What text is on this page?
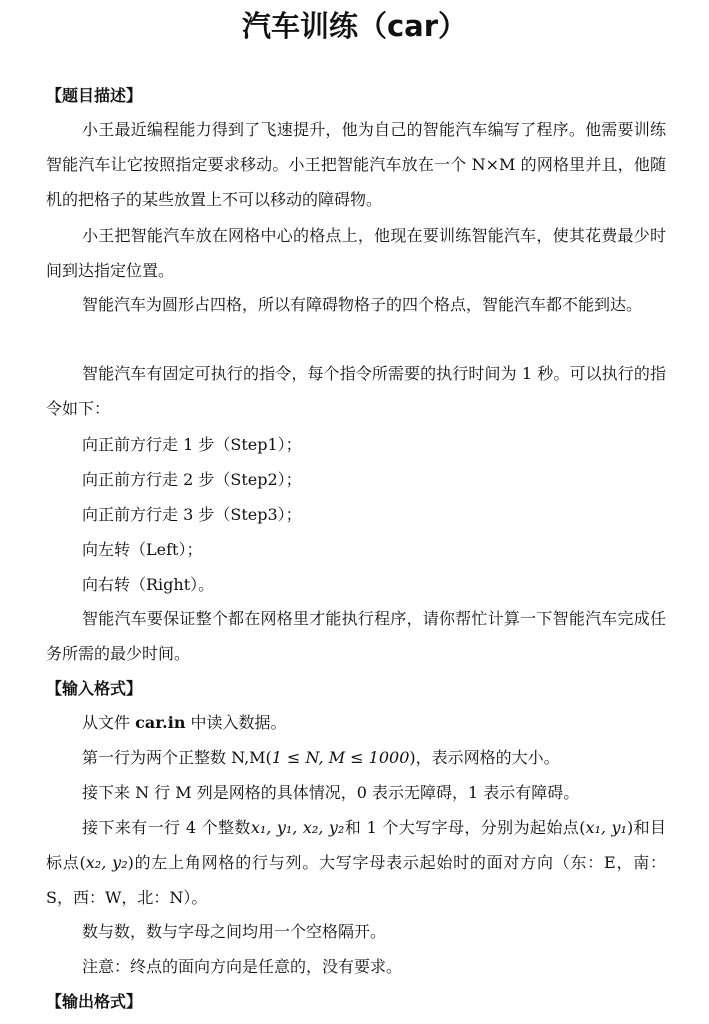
汽车训练（car）
【题目描述】

小王最近编程能力得到了飞速提升，他为自己的智能汽车编写了程序。他需要训练智能汽车让它按照指定要求移动。小王把智能汽车放在一个 N×M 的网格里并且，他随机的把格子的某些放置上不可以移动的障碍物。

小王把智能汽车放在网格中心的格点上，他现在要训练智能汽车，使其花费最少时间到达指定位置。

智能汽车为圆形占四格，所以有障碍物格子的四个格点，智能汽车都不能到达。

智能汽车有固定可执行的指令，每个指令所需要的执行时间为 1 秒。可以执行的指令如下：

向正前方行走 1 步（Step1）；
向正前方行走 2 步（Step2）；
向正前方行走 3 步（Step3）；
向左转（Left）；
向右转（Right）。

智能汽车要保证整个都在网格里才能执行程序，请你帮忙计算一下智能汽车完成任务所需的最少时间。

【输入格式】

从文件 car.in 中读入数据。

第一行为两个正整数 N,M(1 ≤ N, M ≤ 1000)，表示网格的大小。

接下来 N 行 M 列是网格的具体情况，0 表示无障碍，1 表示有障碍。

接下来有一行 4 个整数x₁, y₁, x₂, y₂和 1 个大写字母，分别为起始点(x₁, y₁)和目标点(x₂, y₂)的左上角网格的行与列。大写字母表示起始时的面对方向（东：E，南：S，西：W，北：N）。

数与数，数与字母之间均用一个空格隔开。

注意：终点的面向方向是任意的，没有要求。

【输出格式】
